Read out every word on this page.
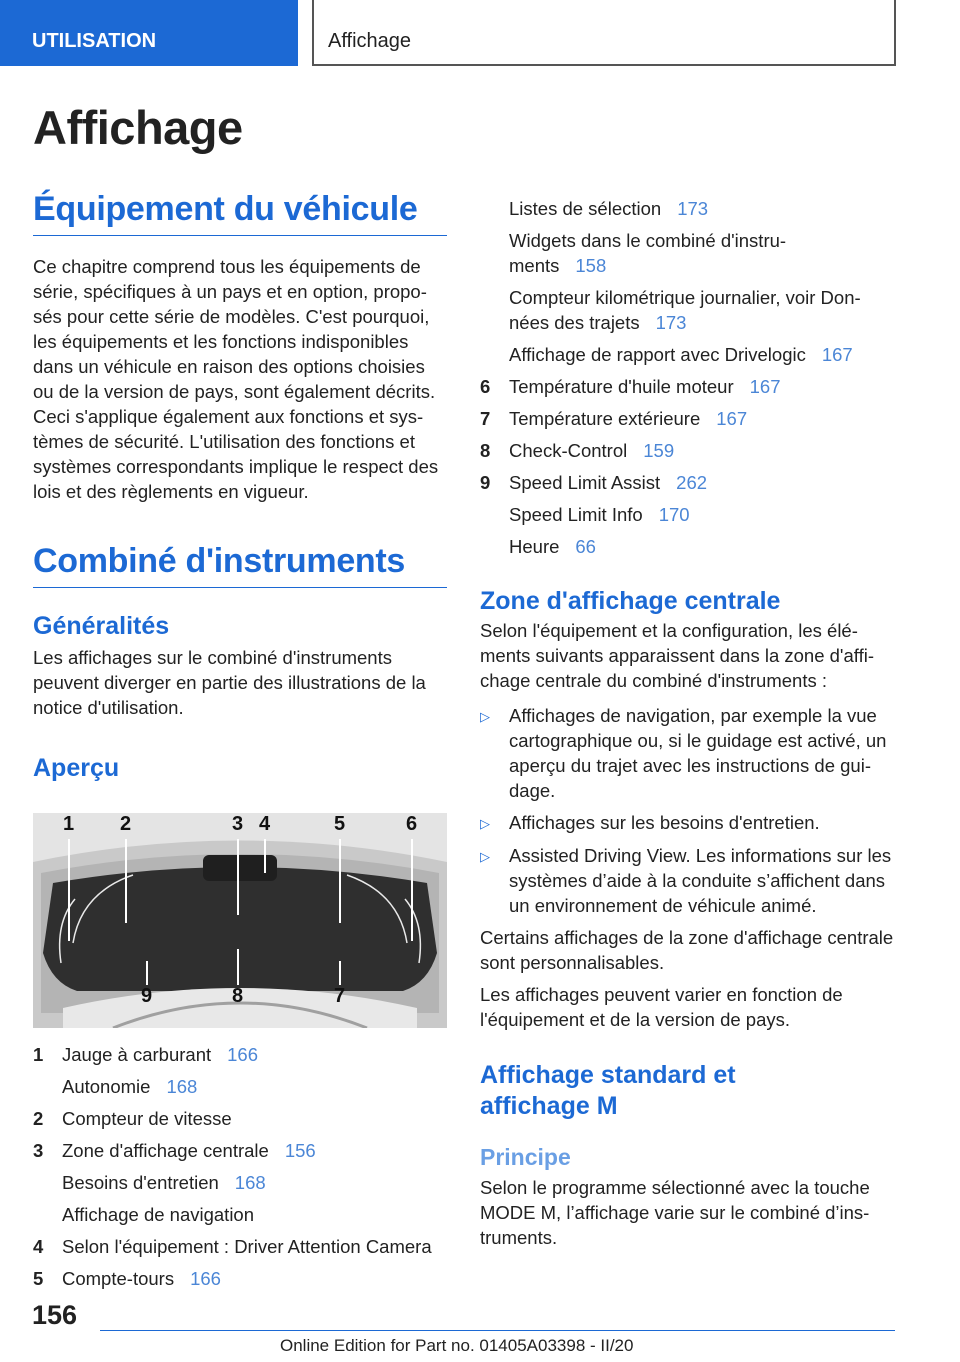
UTILISATION	Affichage
Affichage
Équipement du véhicule
Ce chapitre comprend tous les équipements de série, spécifiques à un pays et en option, proposés pour cette série de modèles. C'est pourquoi, les équipements et les fonctions indisponibles dans un véhicule en raison des options choisies ou de la version de pays, sont également décrits. Ceci s'applique également aux fonctions et systèmes de sécurité. L'utilisation des fonctions et systèmes correspondants implique le respect des lois et des règlements en vigueur.
Combiné d'instruments
Généralités
Les affichages sur le combiné d'instruments peuvent diverger en partie des illustrations de la notice d'utilisation.
Aperçu
1 2	3 4	5	6
9	8	7
1	Jauge à carburant 166
Autonomie 168
2	Compteur de vitesse
3	Zone d'affichage centrale 156
Besoins d'entretien 168
Affichage de navigation
4	Selon l'équipement : Driver Attention Camera
5	Compte-tours 166
Listes de sélection 173
Widgets dans le combiné d'instruments 158
Compteur kilométrique journalier, voir Données des trajets 173
Affichage de rapport avec Drivelogic 167
6	Température d'huile moteur 167
7	Température extérieure 167
8	Check-Control 159
9	Speed Limit Assist 262
Speed Limit Info 170
Heure 66
Zone d'affichage centrale
Selon l'équipement et la configuration, les éléments suivants apparaissent dans la zone d'affichage centrale du combiné d'instruments :
▷	Affichages de navigation, par exemple la vue cartographique ou, si le guidage est activé, un aperçu du trajet avec les instructions de guidage.
▷	Affichages sur les besoins d'entretien.
▷	Assisted Driving View. Les informations sur les systèmes d’aide à la conduite s’affichent dans un environnement de véhicule animé.
Certains affichages de la zone d'affichage centrale sont personnalisables.
Les affichages peuvent varier en fonction de l'équipement et de la version de pays.
Affichage standard et affichage M
Principe
Selon le programme sélectionné avec la touche MODE M, l’affichage varie sur le combiné d’instruments.
156
Online Edition for Part no. 01405A03398 - II/20
